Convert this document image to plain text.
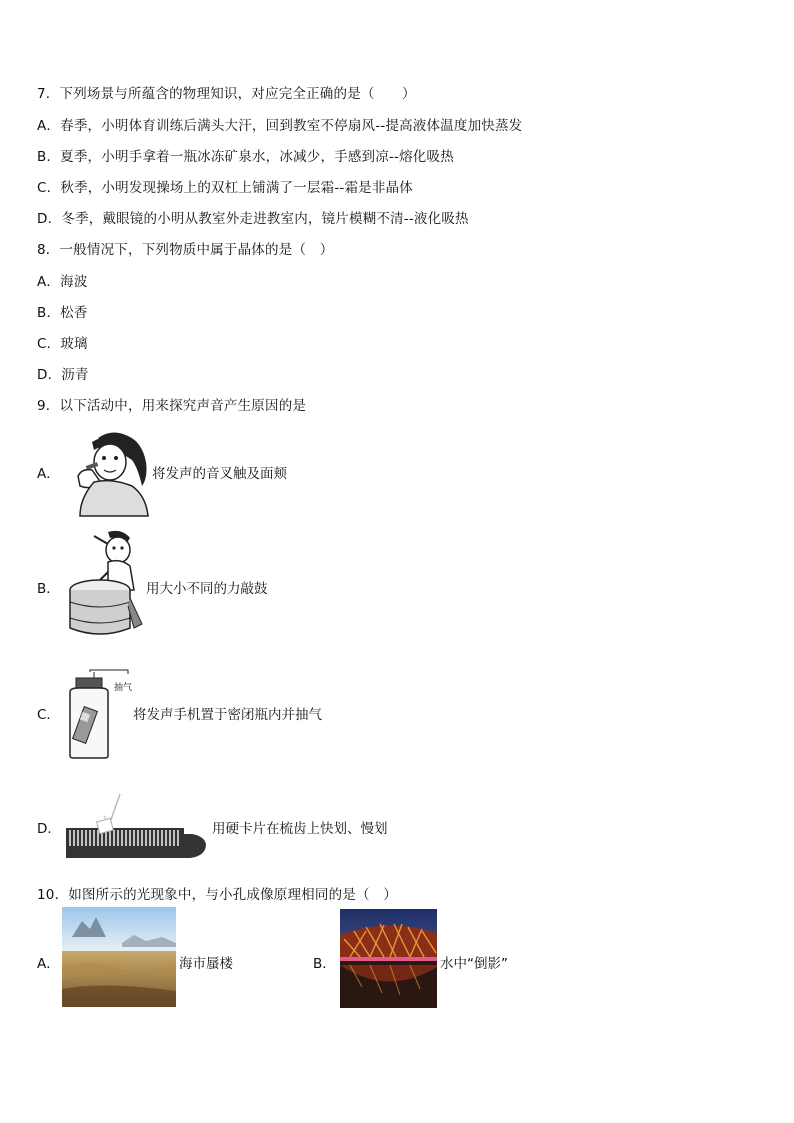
7．下列场景与所蕴含的物理知识，对应完全正确的是（　　）
A．春季，小明体育训练后满头大汗，回到教室不停扇风--提高液体温度加快蒸发
B．夏季，小明手拿着一瓶冰冻矿泉水，冰减少，手感到凉--熔化吸热
C．秋季，小明发现操场上的双杠上铺满了一层霜--霜是非晶体
D．冬季，戴眼镜的小明从教室外走进教室内，镜片模糊不清--液化吸热
8．一般情况下，下列物质中属于晶体的是（　）
A．海波
B．松香
C．玻璃
D．沥青
9．以下活动中，用来探究声音产生原因的是
A．	将发声的音叉触及面颊
B．	用大小不同的力敲鼓
C．
抽气
将发声手机置于密闭瓶内并抽气
D．	用硬卡片在梳齿上快划、慢划
10．如图所示的光现象中，与小孔成像原理相同的是（　）
A．	海市蜃楼	B．	水中“倒影”
